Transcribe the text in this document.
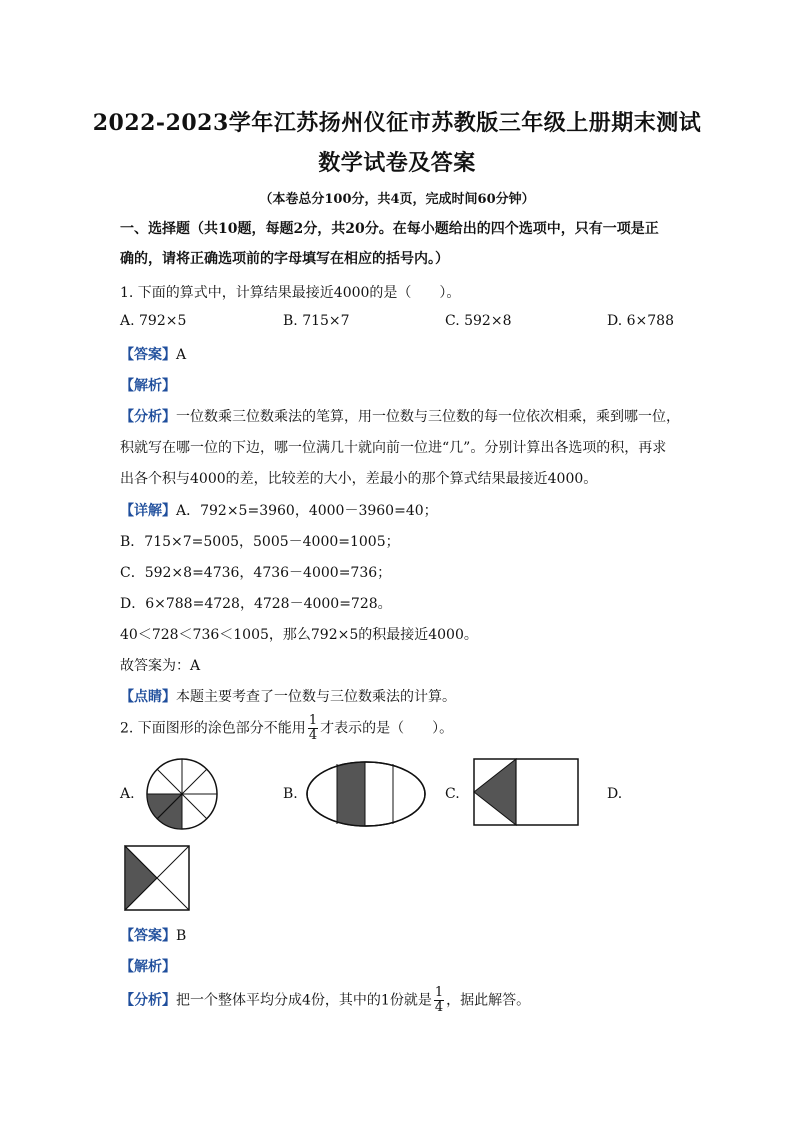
2022-2023学年江苏扬州仪征市苏教版三年级上册期末测试
数学试卷及答案
（本卷总分100分，共4页，完成时间60分钟）
一、选择题（共10题，每题2分，共20分。在每小题给出的四个选项中，只有一项是正
确的，请将正确选项前的字母填写在相应的括号内。）
1. 下面的算式中，计算结果最接近4000的是（　　）。
A. 792×5	B. 715×7	C. 592×8	D. 6×788
【答案】A
【解析】
【分析】一位数乘三位数乘法的笔算，用一位数与三位数的每一位依次相乘，乘到哪一位，
积就写在哪一位的下边，哪一位满几十就向前一位进“几”。分别计算出各选项的积，再求
出各个积与4000的差，比较差的大小，差最小的那个算式结果最接近4000。
【详解】A．792×5=3960，4000－3960=40；
B．715×7=5005，5005－4000=1005；
C．592×8=4736，4736－4000=736；
D．6×788=4728，4728－4000=728。
40＜728＜736＜1005，那么792×5的积最接近4000。
故答案为：A
【点睛】本题主要考查了一位数与三位数乘法的计算。
2. 下面图形的涂色部分不能用 $\frac{1}{4}$ 才表示的是（　　）。
A.	B.	C.	D.
【答案】B
【解析】
【分析】把一个整体平均分成4份，其中的1份就是 $\frac{1}{4}$ ，据此解答。
